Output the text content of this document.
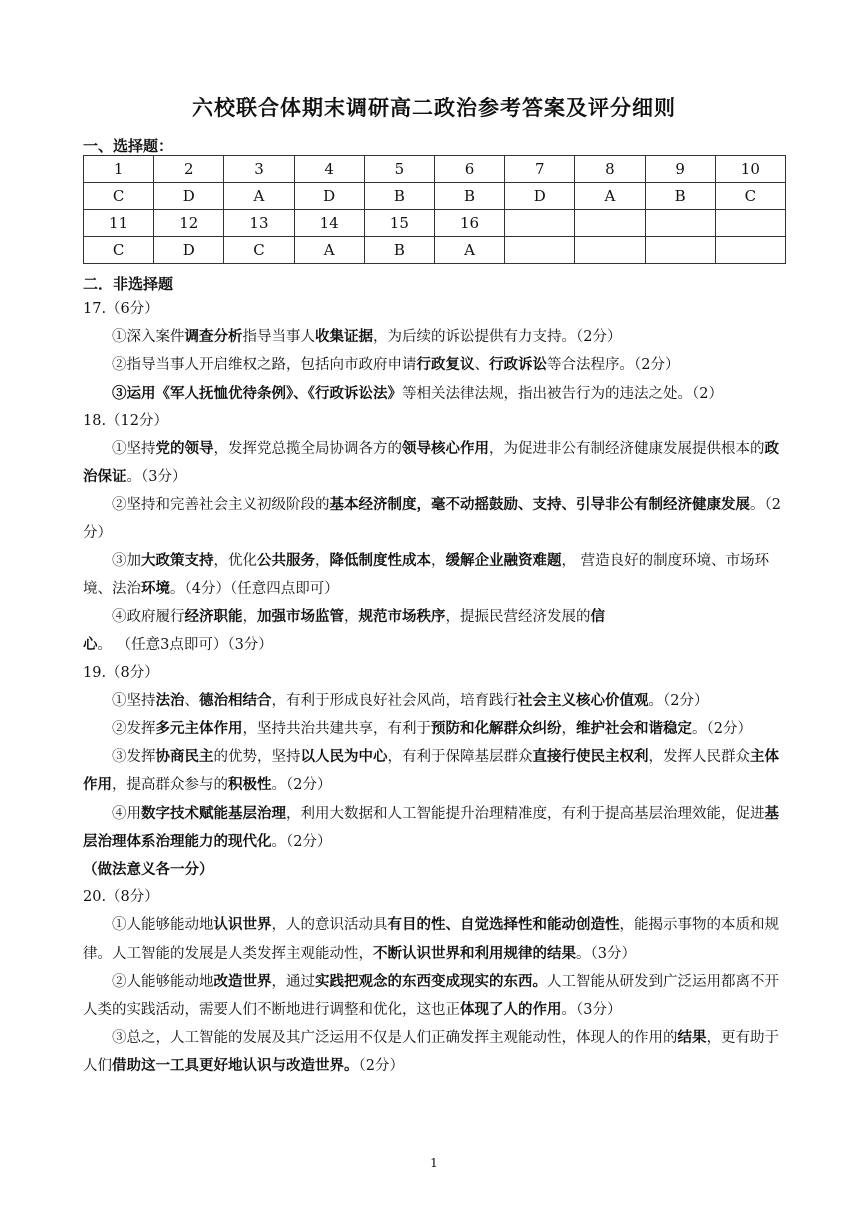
六校联合体期末调研高二政治参考答案及评分细则
一、选择题：
1	2	3	4	5	6	7	8	9	10
C	D	A	D	B	B	D	A	B	C
11	12	13	14	15	16				
C	D	C	A	B	A				
二．非选择题

17.（6分）

①深入案件调查分析指导当事人收集证据，为后续的诉讼提供有力支持。（2分）

②指导当事人开启维权之路，包括向市政府申请行政复议、行政诉讼等合法程序。（2分）

③运用《军人抚恤优待条例》、《行政诉讼法》等相关法律法规，指出被告行为的违法之处。（2）

18.（12分）

①坚持党的领导，发挥党总揽全局协调各方的领导核心作用，为促进非公有制经济健康发展提供根本的政治保证。（3分）

②坚持和完善社会主义初级阶段的基本经济制度，毫不动摇鼓励、支持、引导非公有制经济健康发展。（2分）

③加大政策支持，优化公共服务，降低制度性成本，缓解企业融资难题， 营造良好的制度环境、市场环境、法治环境。（4分）（任意四点即可）

④政府履行经济职能，加强市场监管，规范市场秩序，提振民营经济发展的信心。 （任意3点即可）（3分）

19.（8分）

①坚持法治、德治相结合，有利于形成良好社会风尚，培育践行社会主义核心价值观。（2分）

②发挥多元主体作用，坚持共治共建共享，有利于预防和化解群众纠纷，维护社会和谐稳定。（2分）

③发挥协商民主的优势，坚持以人民为中心，有利于保障基层群众直接行使民主权利，发挥人民群众主体作用，提高群众参与的积极性。（2分）

④用数字技术赋能基层治理，利用大数据和人工智能提升治理精准度，有利于提高基层治理效能，促进基层治理体系治理能力的现代化。（2分）

（做法意义各一分）

20.（8分）

①人能够能动地认识世界，人的意识活动具有目的性、自觉选择性和能动创造性，能揭示事物的本质和规律。人工智能的发展是人类发挥主观能动性，不断认识世界和利用规律的结果。（3分）

②人能够能动地改造世界，通过实践把观念的东西变成现实的东西。人工智能从研发到广泛运用都离不开人类的实践活动，需要人们不断地进行调整和优化，这也正体现了人的作用。（3分）

③总之，人工智能的发展及其广泛运用不仅是人们正确发挥主观能动性，体现人的作用的结果，更有助于人们借助这一工具更好地认识与改造世界。（2分）

1
